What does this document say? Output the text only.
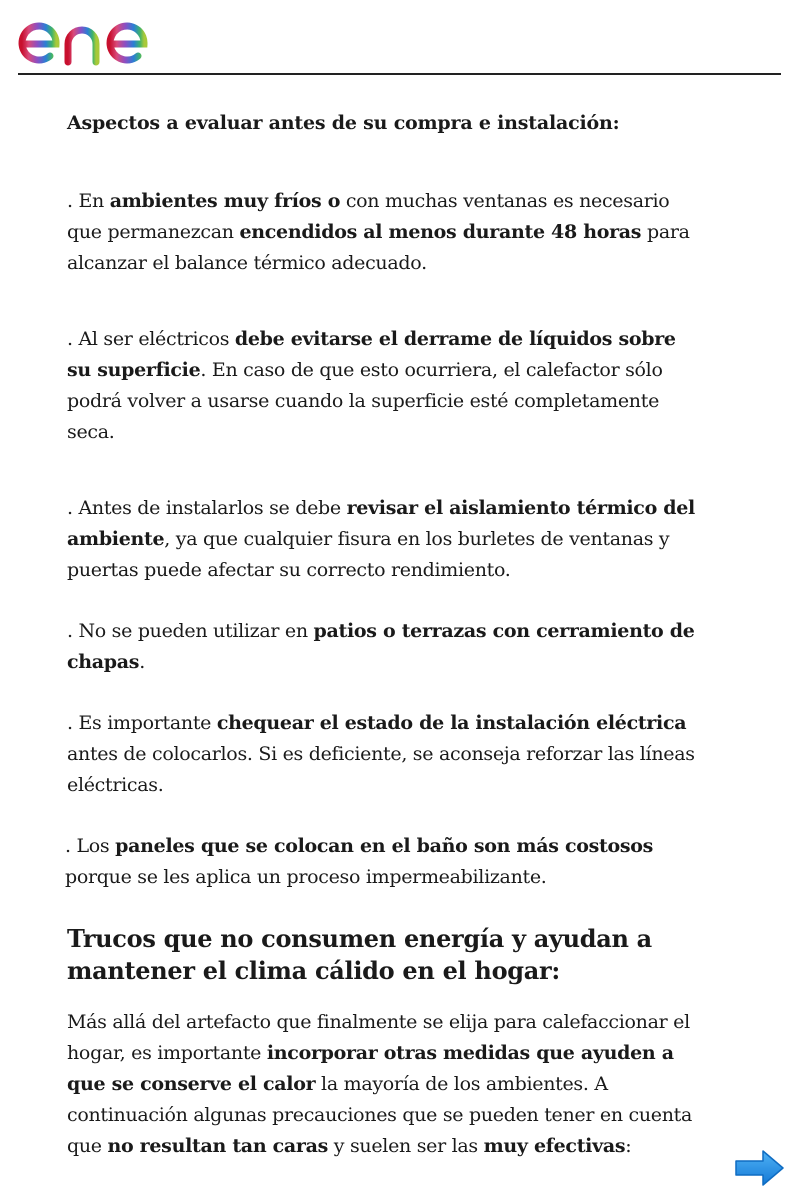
enel
Aspectos a evaluar antes de su compra e instalación:

. En ambientes muy fríos o con muchas ventanas es necesario que permanezcan encendidos al menos durante 48 horas para alcanzar el balance térmico adecuado.

. Al ser eléctricos debe evitarse el derrame de líquidos sobre su superficie. En caso de que esto ocurriera, el calefactor sólo podrá volver a usarse cuando la superficie esté completamente seca.

. Antes de instalarlos se debe revisar el aislamiento térmico del ambiente, ya que cualquier fisura en los burletes de ventanas y puertas puede afectar su correcto rendimiento.

. No se pueden utilizar en patios o terrazas con cerramiento de chapas.

. Es importante chequear el estado de la instalación eléctrica antes de colocarlos. Si es deficiente, se aconseja reforzar las líneas eléctricas.

. Los paneles que se colocan en el baño son más costosos porque se les aplica un proceso impermeabilizante.

Trucos que no consumen energía y ayudan a mantener el clima cálido en el hogar:

Más allá del artefacto que finalmente se elija para calefaccionar el hogar, es importante incorporar otras medidas que ayuden a que se conserve el calor la mayoría de los ambientes. A continuación algunas precauciones que se pueden tener en cuenta que no resultan tan caras y suelen ser las muy efectivas:
